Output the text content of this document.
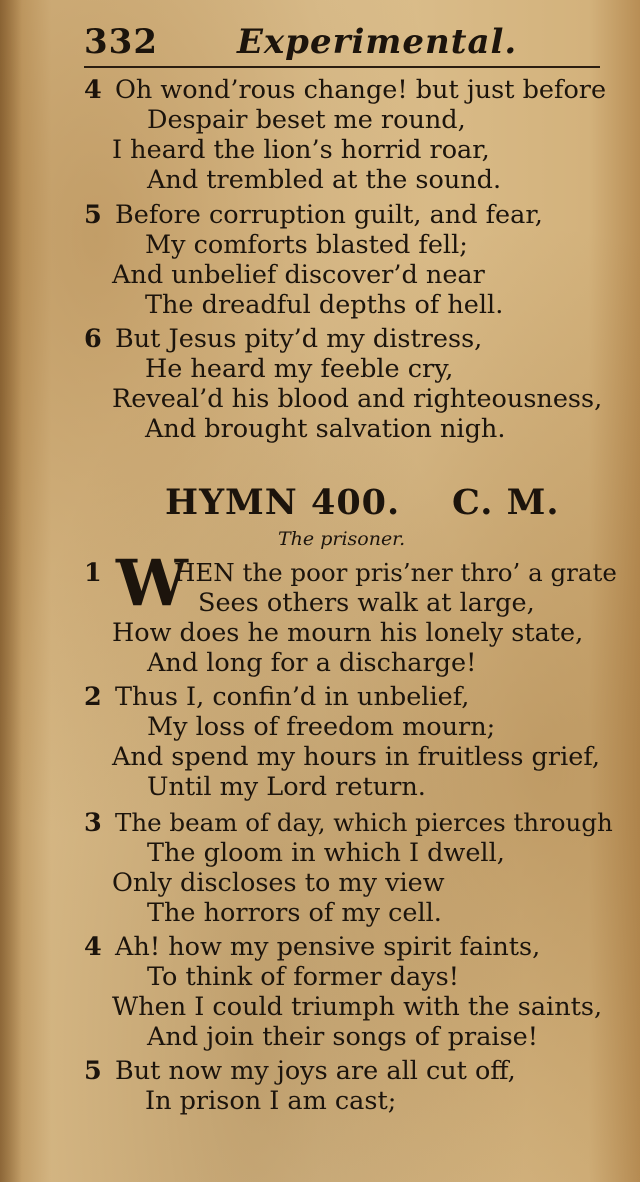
332 Experimental.
4 Oh wond’rous change! but just before
Despair beset me round,
I heard the lion’s horrid roar,
And trembled at the sound.
5 Before corruption guilt, and fear,
My comforts blasted fell;
And unbelief discover’d near
The dreadful depths of hell.
6 But Jesus pity’d my distress,
He heard my feeble cry,
Reveal’d his blood and righteousness,
And brought salvation nigh.
HYMN 400. C. M.
The prisoner.
1 W
HEN the poor pris’ner thro’ a grate
Sees others walk at large,
How does he mourn his lonely state,
And long for a discharge!
2 Thus I, confin’d in unbelief,
My loss of freedom mourn;
And spend my hours in fruitless grief,
Until my Lord return.
3 The beam of day, which pierces through
The gloom in which I dwell,
Only discloses to my view
The horrors of my cell.
4 Ah! how my pensive spirit faints,
To think of former days!
When I could triumph with the saints,
And join their songs of praise!
5 But now my joys are all cut off,
In prison I am cast;
